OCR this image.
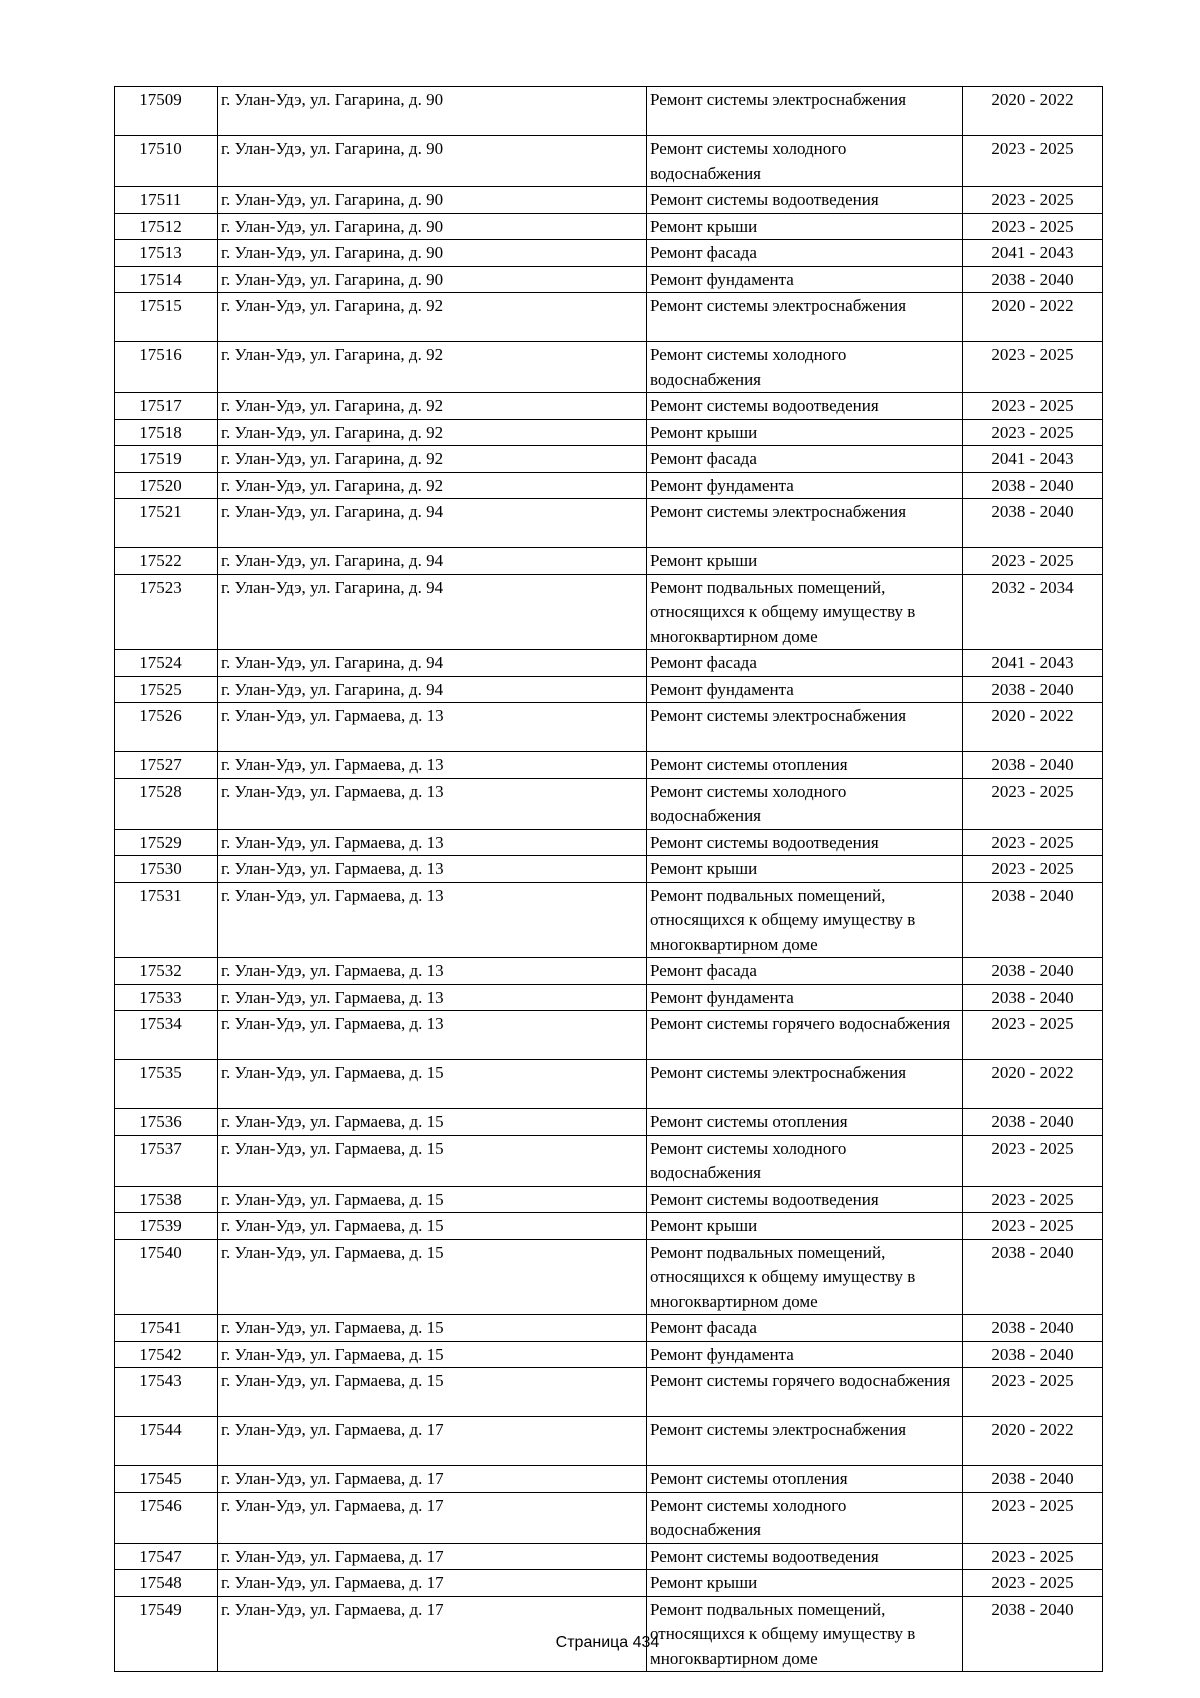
17509	г. Улан-Удэ, ул. Гагарина, д. 90	Ремонт системы электроснабжения	2020 - 2022
17510	г. Улан-Удэ, ул. Гагарина, д. 90	Ремонт системы холодного водоснабжения	2023 - 2025
17511	г. Улан-Удэ, ул. Гагарина, д. 90	Ремонт системы водоотведения	2023 - 2025
17512	г. Улан-Удэ, ул. Гагарина, д. 90	Ремонт крыши	2023 - 2025
17513	г. Улан-Удэ, ул. Гагарина, д. 90	Ремонт фасада	2041 - 2043
17514	г. Улан-Удэ, ул. Гагарина, д. 90	Ремонт фундамента	2038 - 2040
17515	г. Улан-Удэ, ул. Гагарина, д. 92	Ремонт системы электроснабжения	2020 - 2022
17516	г. Улан-Удэ, ул. Гагарина, д. 92	Ремонт системы холодного водоснабжения	2023 - 2025
17517	г. Улан-Удэ, ул. Гагарина, д. 92	Ремонт системы водоотведения	2023 - 2025
17518	г. Улан-Удэ, ул. Гагарина, д. 92	Ремонт крыши	2023 - 2025
17519	г. Улан-Удэ, ул. Гагарина, д. 92	Ремонт фасада	2041 - 2043
17520	г. Улан-Удэ, ул. Гагарина, д. 92	Ремонт фундамента	2038 - 2040
17521	г. Улан-Удэ, ул. Гагарина, д. 94	Ремонт системы электроснабжения	2038 - 2040
17522	г. Улан-Удэ, ул. Гагарина, д. 94	Ремонт крыши	2023 - 2025
17523	г. Улан-Удэ, ул. Гагарина, д. 94	Ремонт подвальных помещений, относящихся к общему имуществу в многоквартирном доме	2032 - 2034
17524	г. Улан-Удэ, ул. Гагарина, д. 94	Ремонт фасада	2041 - 2043
17525	г. Улан-Удэ, ул. Гагарина, д. 94	Ремонт фундамента	2038 - 2040
17526	г. Улан-Удэ, ул. Гармаева, д. 13	Ремонт системы электроснабжения	2020 - 2022
17527	г. Улан-Удэ, ул. Гармаева, д. 13	Ремонт системы отопления	2038 - 2040
17528	г. Улан-Удэ, ул. Гармаева, д. 13	Ремонт системы холодного водоснабжения	2023 - 2025
17529	г. Улан-Удэ, ул. Гармаева, д. 13	Ремонт системы водоотведения	2023 - 2025
17530	г. Улан-Удэ, ул. Гармаева, д. 13	Ремонт крыши	2023 - 2025
17531	г. Улан-Удэ, ул. Гармаева, д. 13	Ремонт подвальных помещений, относящихся к общему имуществу в многоквартирном доме	2038 - 2040
17532	г. Улан-Удэ, ул. Гармаева, д. 13	Ремонт фасада	2038 - 2040
17533	г. Улан-Удэ, ул. Гармаева, д. 13	Ремонт фундамента	2038 - 2040
17534	г. Улан-Удэ, ул. Гармаева, д. 13	Ремонт системы горячего водоснабжения	2023 - 2025
17535	г. Улан-Удэ, ул. Гармаева, д. 15	Ремонт системы электроснабжения	2020 - 2022
17536	г. Улан-Удэ, ул. Гармаева, д. 15	Ремонт системы отопления	2038 - 2040
17537	г. Улан-Удэ, ул. Гармаева, д. 15	Ремонт системы холодного водоснабжения	2023 - 2025
17538	г. Улан-Удэ, ул. Гармаева, д. 15	Ремонт системы водоотведения	2023 - 2025
17539	г. Улан-Удэ, ул. Гармаева, д. 15	Ремонт крыши	2023 - 2025
17540	г. Улан-Удэ, ул. Гармаева, д. 15	Ремонт подвальных помещений, относящихся к общему имуществу в многоквартирном доме	2038 - 2040
17541	г. Улан-Удэ, ул. Гармаева, д. 15	Ремонт фасада	2038 - 2040
17542	г. Улан-Удэ, ул. Гармаева, д. 15	Ремонт фундамента	2038 - 2040
17543	г. Улан-Удэ, ул. Гармаева, д. 15	Ремонт системы горячего водоснабжения	2023 - 2025
17544	г. Улан-Удэ, ул. Гармаева, д. 17	Ремонт системы электроснабжения	2020 - 2022
17545	г. Улан-Удэ, ул. Гармаева, д. 17	Ремонт системы отопления	2038 - 2040
17546	г. Улан-Удэ, ул. Гармаева, д. 17	Ремонт системы холодного водоснабжения	2023 - 2025
17547	г. Улан-Удэ, ул. Гармаева, д. 17	Ремонт системы водоотведения	2023 - 2025
17548	г. Улан-Удэ, ул. Гармаева, д. 17	Ремонт крыши	2023 - 2025
17549	г. Улан-Удэ, ул. Гармаева, д. 17	Ремонт подвальных помещений, относящихся к общему имуществу в многоквартирном доме	2038 - 2040
Страница 434
